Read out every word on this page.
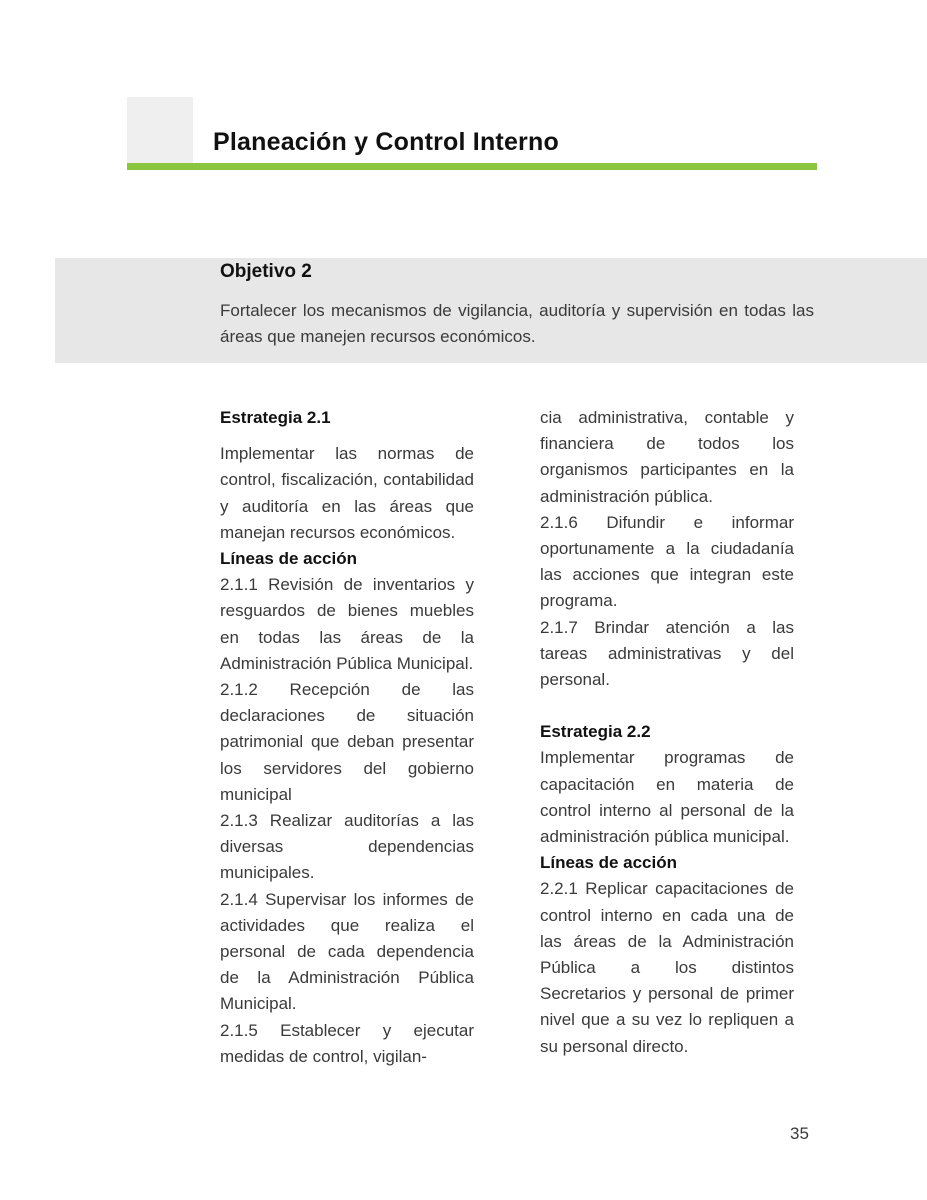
Planeación y Control Interno
Objetivo 2
Fortalecer los mecanismos de vigilancia, auditoría y supervisión en todas las áreas que manejen recursos económicos.

Estrategia 2.1

Implementar las normas de control, fiscalización, contabilidad y auditoría en las áreas que manejan recursos económicos.

Líneas de acción

2.1.1 Revisión de inventarios y resguardos de bienes muebles en todas las áreas de la Administración Pública Municipal.

2.1.2 Recepción de las declaraciones de situación patrimonial que deban presentar los servidores del gobierno municipal

2.1.3 Realizar auditorías a las diversas dependencias municipales.

2.1.4 Supervisar los informes de actividades que realiza el personal de cada dependencia de la Administración Pública Municipal.

2.1.5 Establecer y ejecutar medidas de control, vigilan-

cia administrativa, contable y financiera de todos los organismos participantes en la administración pública.

2.1.6 Difundir e informar oportunamente a la ciudadanía las acciones que integran este programa.

2.1.7 Brindar atención a las tareas administrativas y del personal.

Estrategia 2.2

Implementar programas de capacitación en materia de control interno al personal de la administración pública municipal.

Líneas de acción

2.2.1 Replicar capacitaciones de control interno en cada una de las áreas de la Administración Pública a los distintos Secretarios y personal de primer nivel que a su vez lo repliquen a su personal directo.

35
